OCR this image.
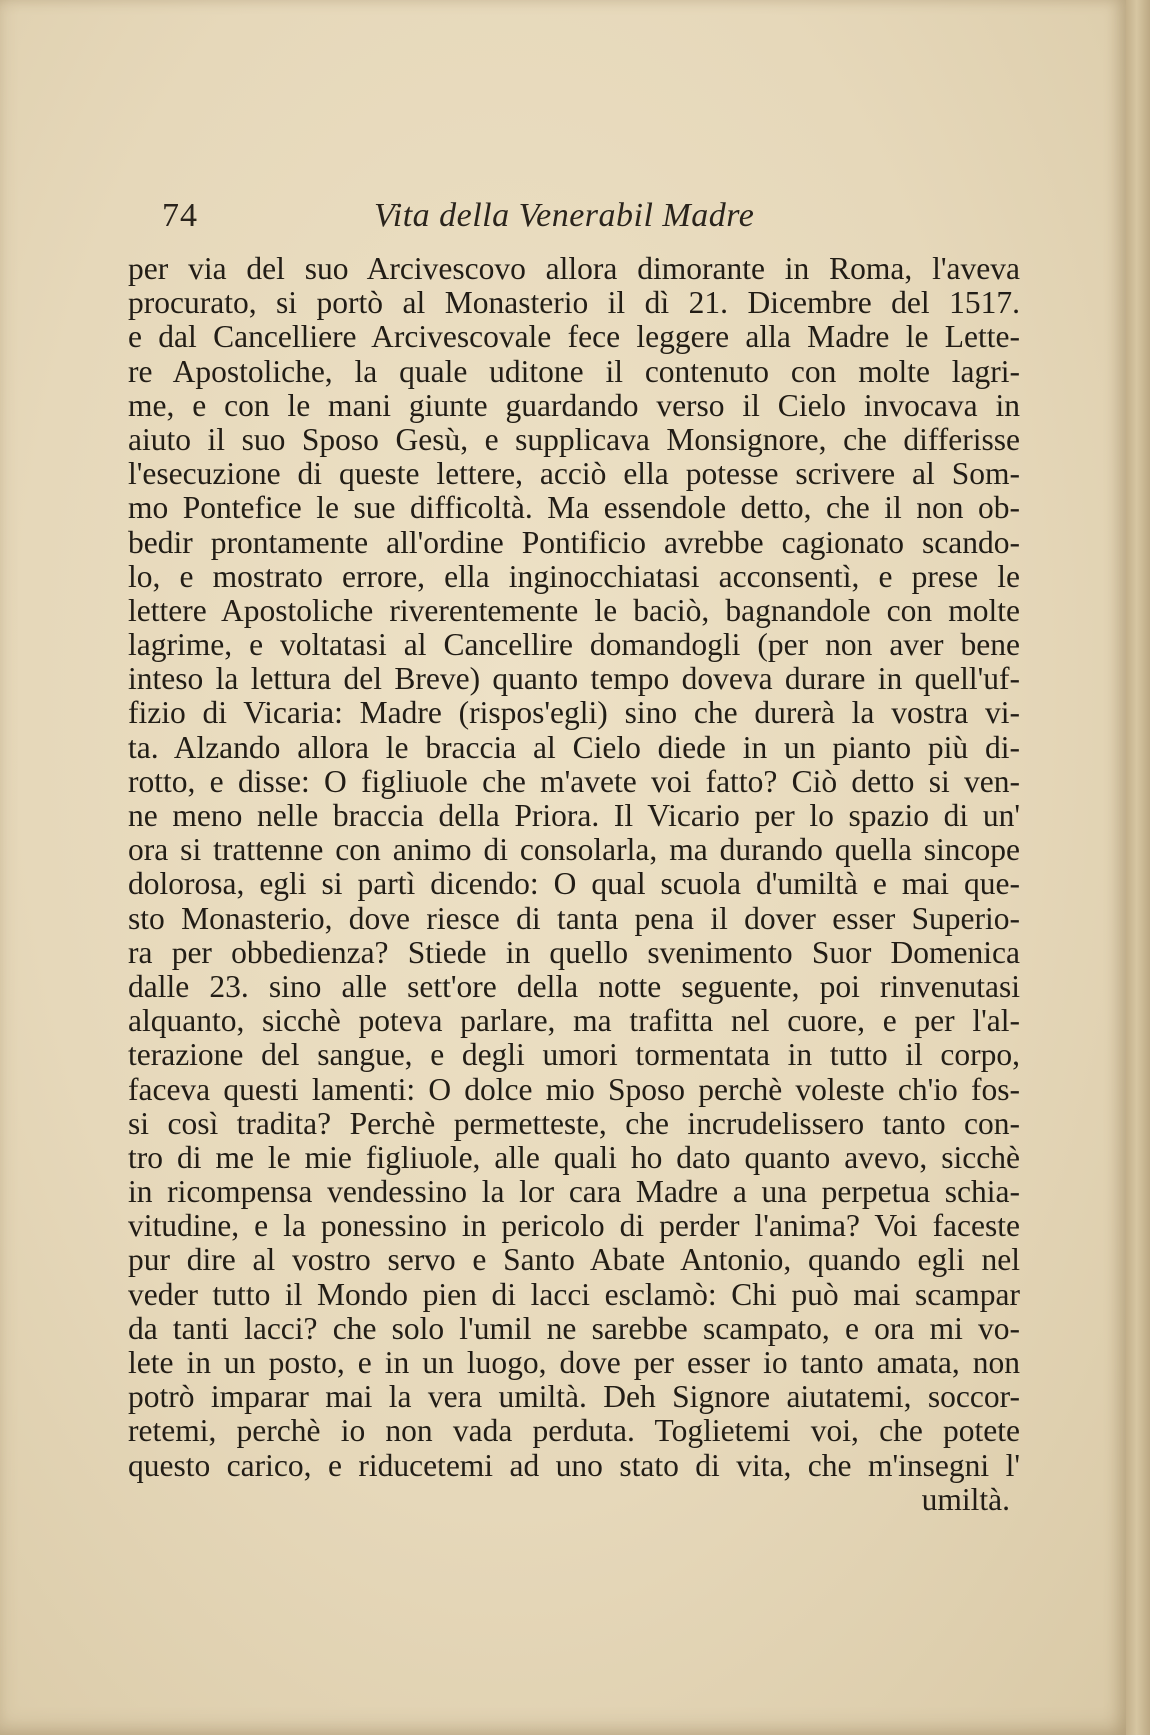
74	Vita della Venerabil Madre
per via del suo Arcivescovo allora dimorante in Roma, l'aveva
procurato, si portò al Monasterio il dì 21. Dicembre del 1517.
e dal Cancelliere Arcivescovale fece leggere alla Madre le Lette-
re Apostoliche, la quale uditone il contenuto con molte lagri-
me, e con le mani giunte guardando verso il Cielo invocava in
aiuto il suo Sposo Gesù, e supplicava Monsignore, che differisse
l'esecuzione di queste lettere, acciò ella potesse scrivere al Som-
mo Pontefice le sue difficoltà. Ma essendole detto, che il non ob-
bedir prontamente all'ordine Pontificio avrebbe cagionato scando-
lo, e mostrato errore, ella inginocchiatasi acconsentì, e prese le
lettere Apostoliche riverentemente le baciò, bagnandole con molte
lagrime, e voltatasi al Cancellire domandogli (per non aver bene
inteso la lettura del Breve) quanto tempo doveva durare in quell'uf-
fizio di Vicaria: Madre (rispos'egli) sino che durerà la vostra vi-
ta. Alzando allora le braccia al Cielo diede in un pianto più di-
rotto, e disse: O figliuole che m'avete voi fatto? Ciò detto si ven-
ne meno nelle braccia della Priora. Il Vicario per lo spazio di un'
ora si trattenne con animo di consolarla, ma durando quella sincope
dolorosa, egli si partì dicendo: O qual scuola d'umiltà e mai que-
sto Monasterio, dove riesce di tanta pena il dover esser Superio-
ra per obbedienza? Stiede in quello svenimento Suor Domenica
dalle 23. sino alle sett'ore della notte seguente, poi rinvenutasi
alquanto, sicchè poteva parlare, ma trafitta nel cuore, e per l'al-
terazione del sangue, e degli umori tormentata in tutto il corpo,
faceva questi lamenti: O dolce mio Sposo perchè voleste ch'io fos-
si così tradita? Perchè permetteste, che incrudelissero tanto con-
tro di me le mie figliuole, alle quali ho dato quanto avevo, sicchè
in ricompensa vendessino la lor cara Madre a una perpetua schia-
vitudine, e la ponessino in pericolo di perder l'anima? Voi faceste
pur dire al vostro servo e Santo Abate Antonio, quando egli nel
veder tutto il Mondo pien di lacci esclamò: Chi può mai scampar
da tanti lacci? che solo l'umil ne sarebbe scampato, e ora mi vo-
lete in un posto, e in un luogo, dove per esser io tanto amata, non
potrò imparar mai la vera umiltà. Deh Signore aiutatemi, soccor-
retemi, perchè io non vada perduta. Toglietemi voi, che potete
questo carico, e riducetemi ad uno stato di vita, che m'insegni l'
umiltà.
